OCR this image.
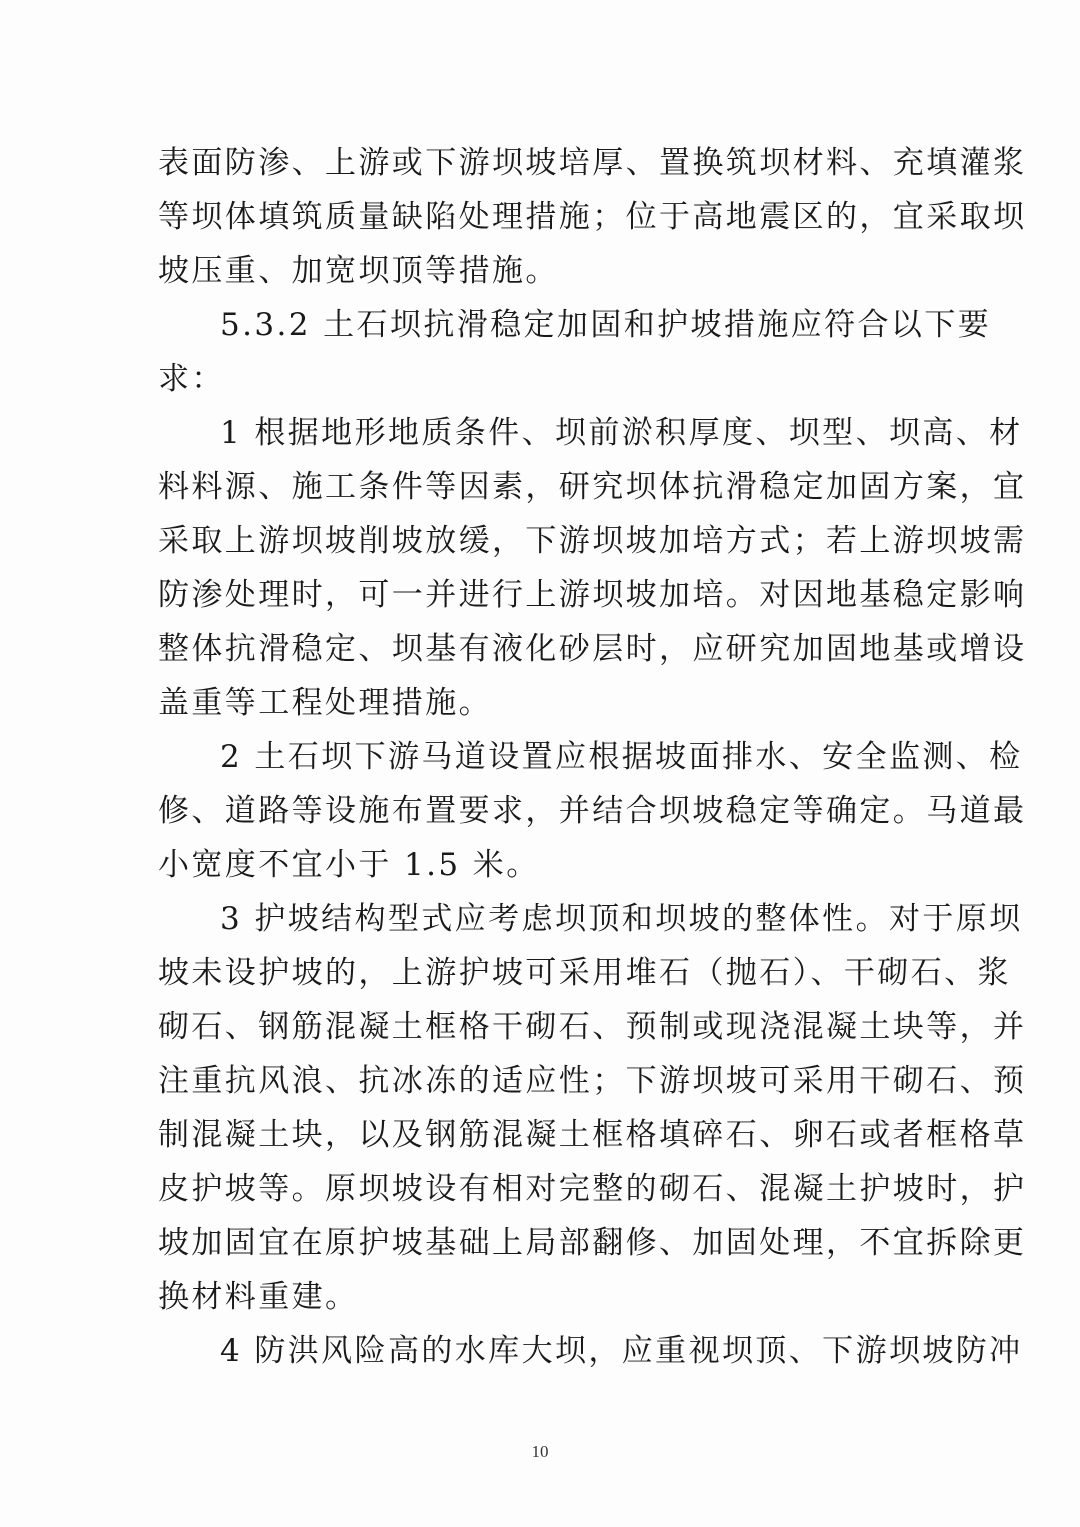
表面防渗、上游或下游坝坡培厚、置换筑坝材料、充填灌浆
等坝体填筑质量缺陷处理措施；位于高地震区的，宜采取坝
坡压重、加宽坝顶等措施。
5.3.2 土石坝抗滑稳定加固和护坡措施应符合以下要
求：
1 根据地形地质条件、坝前淤积厚度、坝型、坝高、材
料料源、施工条件等因素，研究坝体抗滑稳定加固方案，宜
采取上游坝坡削坡放缓，下游坝坡加培方式；若上游坝坡需
防渗处理时，可一并进行上游坝坡加培。对因地基稳定影响
整体抗滑稳定、坝基有液化砂层时，应研究加固地基或增设
盖重等工程处理措施。
2 土石坝下游马道设置应根据坡面排水、安全监测、检
修、道路等设施布置要求，并结合坝坡稳定等确定。马道最
小宽度不宜小于 1.5 米。
3 护坡结构型式应考虑坝顶和坝坡的整体性。对于原坝
坡未设护坡的，上游护坡可采用堆石（抛石）、干砌石、浆
砌石、钢筋混凝土框格干砌石、预制或现浇混凝土块等，并
注重抗风浪、抗冰冻的适应性；下游坝坡可采用干砌石、预
制混凝土块，以及钢筋混凝土框格填碎石、卵石或者框格草
皮护坡等。原坝坡设有相对完整的砌石、混凝土护坡时，护
坡加固宜在原护坡基础上局部翻修、加固处理，不宜拆除更
换材料重建。
4 防洪风险高的水库大坝，应重视坝顶、下游坝坡防冲
10
